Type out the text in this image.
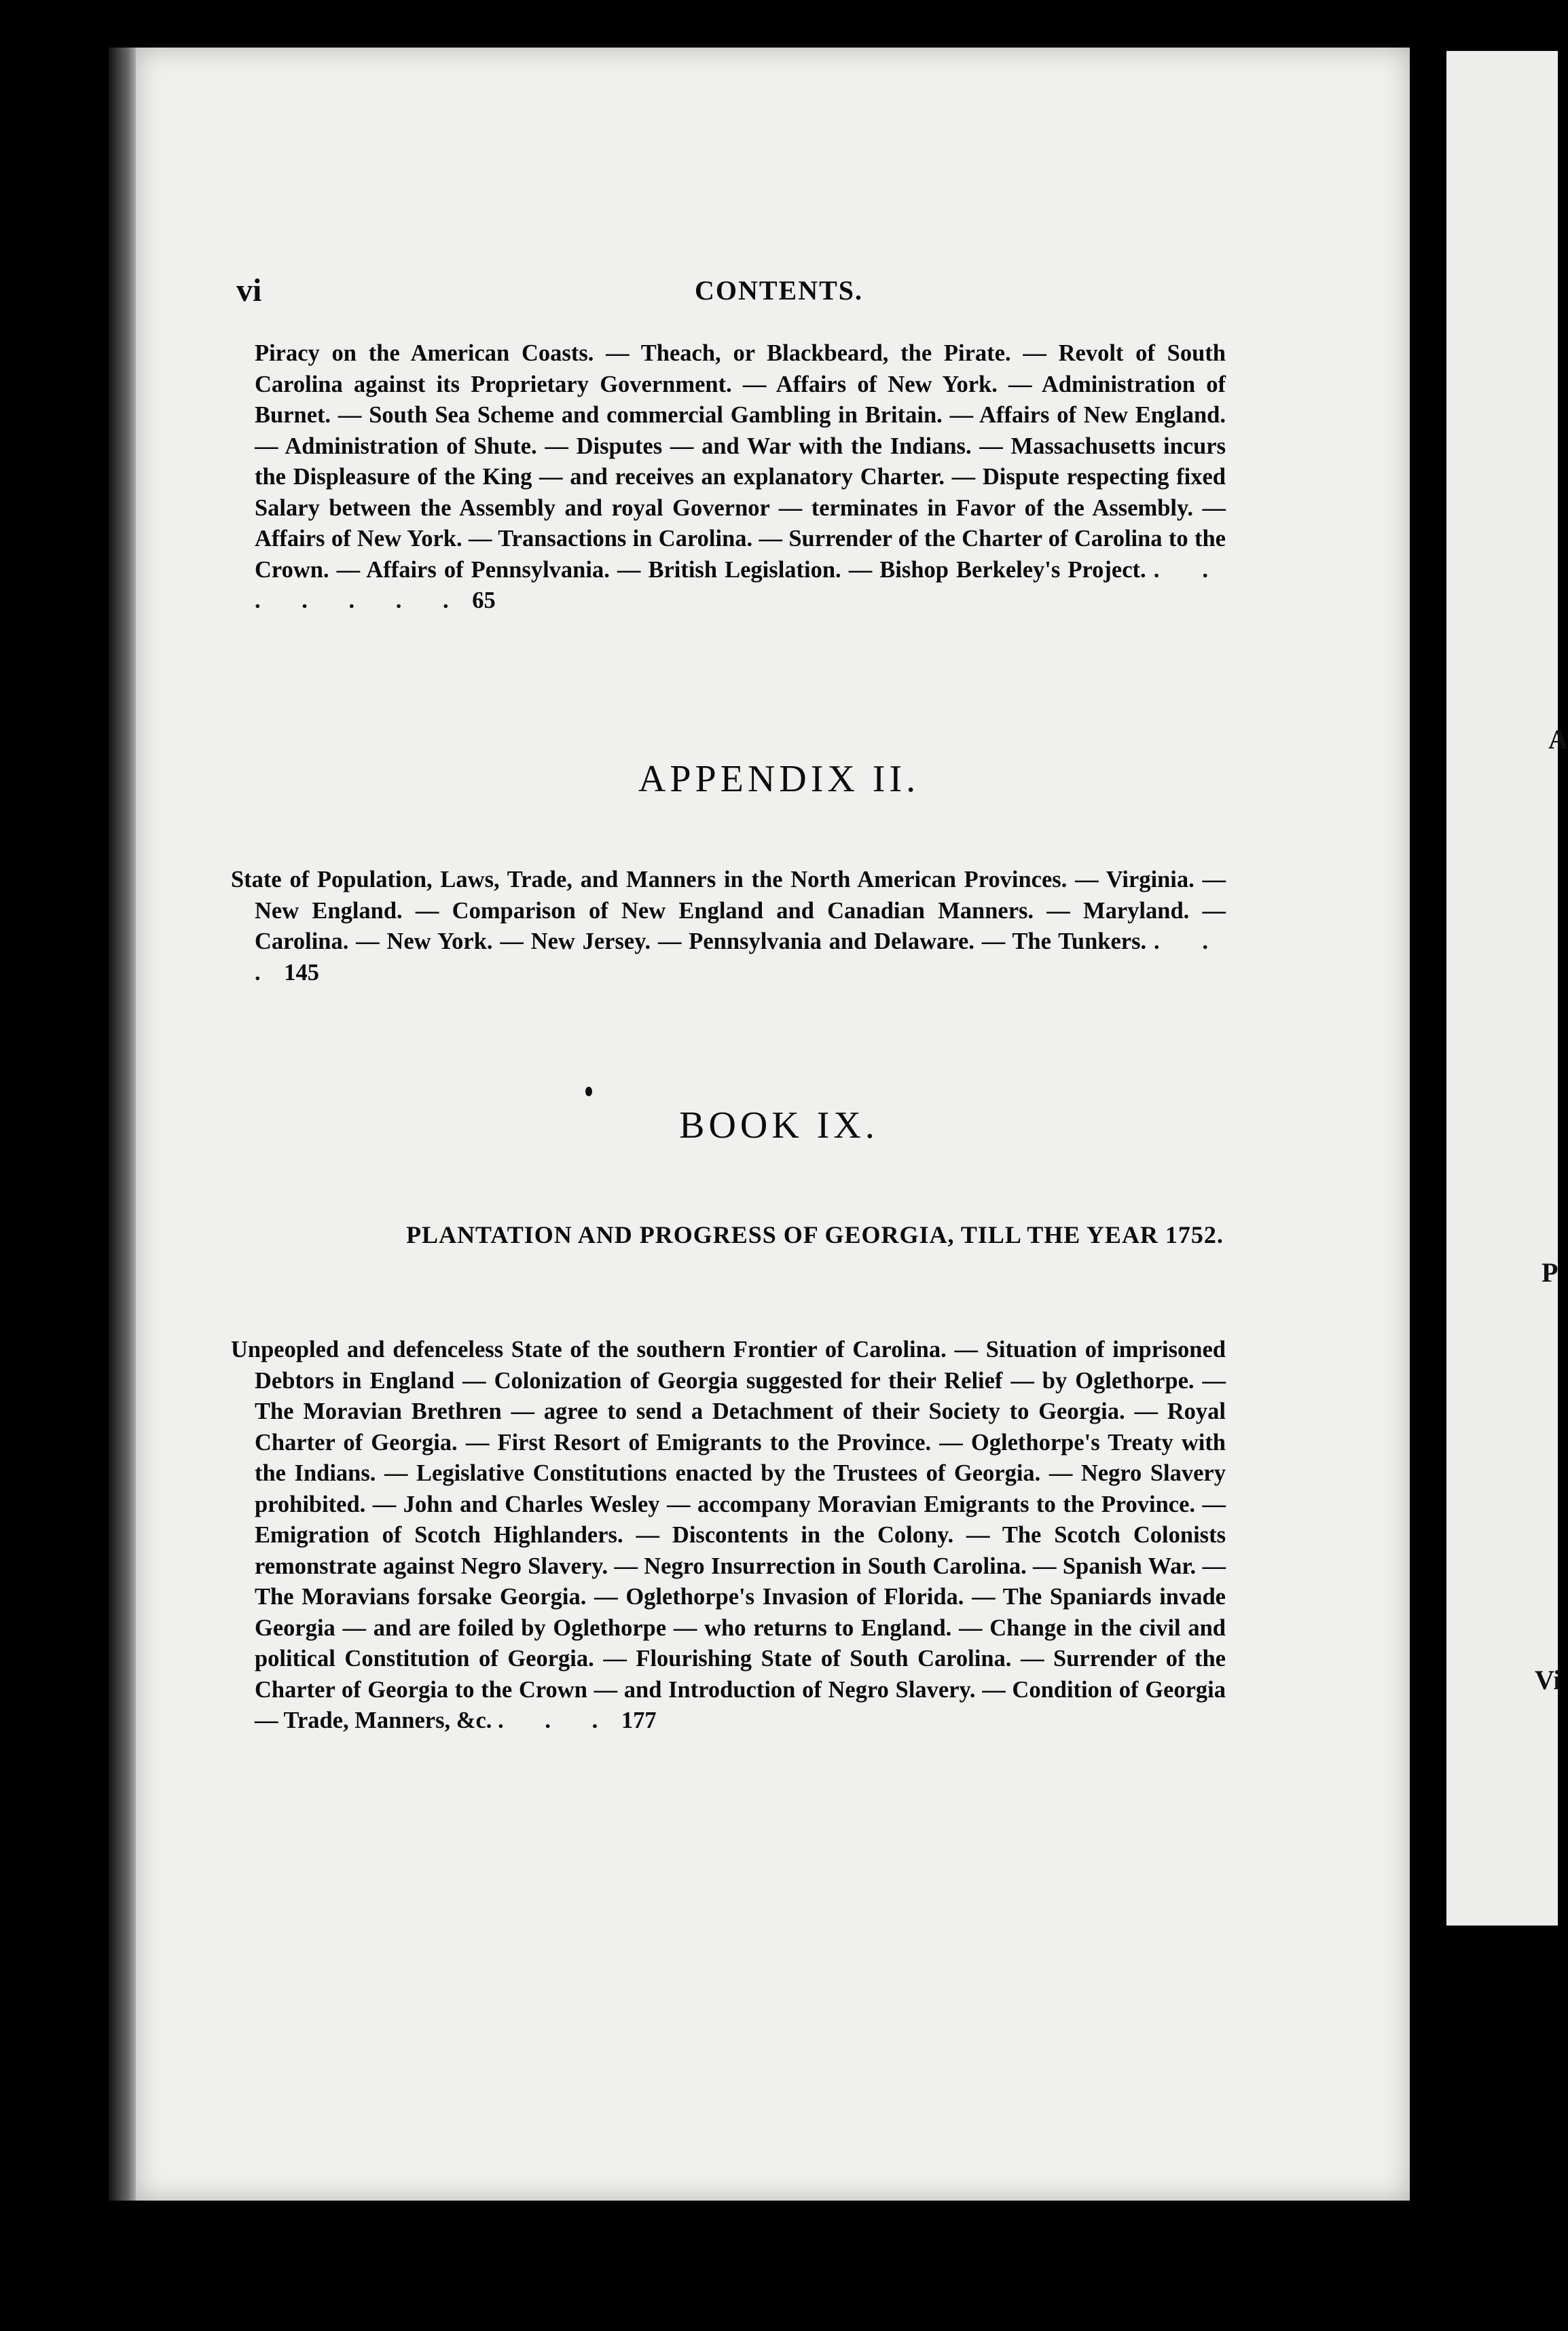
A
P
Vi
vi	CONTENTS.
Piracy on the American Coasts. — Theach, or Blackbeard, the Pirate. — Revolt of South Carolina against its Proprietary Government. — Affairs of New York. — Administration of Burnet. — South Sea Scheme and commercial Gambling in Britain. — Affairs of New England. — Administration of Shute. — Disputes — and War with the Indians. — Massachusetts incurs the Displeasure of the King — and receives an explanatory Charter. — Dispute respecting fixed Salary between the Assembly and royal Governor — terminates in Favor of the Assembly. — Affairs of New York. — Transactions in Carolina. — Surrender of the Charter of Carolina to the Crown. — Affairs of Pennsylvania. — British Legislation. — Bishop Berkeley's Project. . . . . . . . 65
APPENDIX II.
State of Population, Laws, Trade, and Manners in the North American Provinces. — Virginia. — New England. — Comparison of New England and Canadian Manners. — Maryland. — Carolina. — New York. — New Jersey. — Pennsylvania and Delaware. — The Tunkers. . . . 145
BOOK IX.
PLANTATION AND PROGRESS OF GEORGIA, TILL THE YEAR 1752.
Unpeopled and defenceless State of the southern Frontier of Carolina. — Situation of imprisoned Debtors in England — Colonization of Georgia suggested for their Relief — by Oglethorpe. — The Moravian Brethren — agree to send a Detachment of their Society to Georgia. — Royal Charter of Georgia. — First Resort of Emigrants to the Province. — Oglethorpe's Treaty with the Indians. — Legislative Constitutions enacted by the Trustees of Georgia. — Negro Slavery prohibited. — John and Charles Wesley — accompany Moravian Emigrants to the Province. — Emigration of Scotch Highlanders. — Discontents in the Colony. — The Scotch Colonists remonstrate against Negro Slavery. — Negro Insurrection in South Carolina. — Spanish War. — The Moravians forsake Georgia. — Oglethorpe's Invasion of Florida. — The Spaniards invade Georgia — and are foiled by Oglethorpe — who returns to England. — Change in the civil and political Constitution of Georgia. — Flourishing State of South Carolina. — Surrender of the Charter of Georgia to the Crown — and Introduction of Negro Slavery. — Condition of Georgia — Trade, Manners, &c. . . . 177
